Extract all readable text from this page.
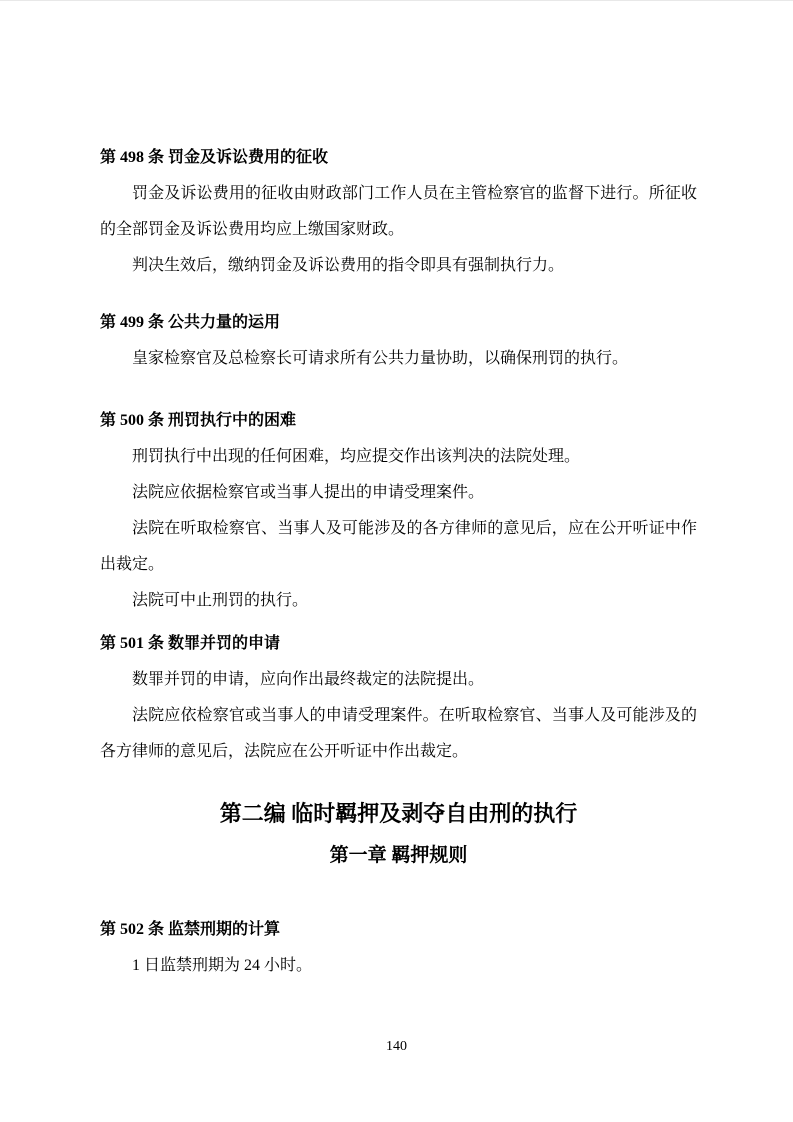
第 498 条 罚金及诉讼费用的征收

罚金及诉讼费用的征收由财政部门工作人员在主管检察官的监督下进行。所征收的全部罚金及诉讼费用均应上缴国家财政。

判决生效后，缴纳罚金及诉讼费用的指令即具有强制执行力。

第 499 条 公共力量的运用

皇家检察官及总检察长可请求所有公共力量协助，以确保刑罚的执行。

第 500 条 刑罚执行中的困难

刑罚执行中出现的任何困难，均应提交作出该判决的法院处理。

法院应依据检察官或当事人提出的申请受理案件。

法院在听取检察官、当事人及可能涉及的各方律师的意见后，应在公开听证中作出裁定。

法院可中止刑罚的执行。

第 501 条 数罪并罚的申请

数罪并罚的申请，应向作出最终裁定的法院提出。

法院应依检察官或当事人的申请受理案件。在听取检察官、当事人及可能涉及的各方律师的意见后，法院应在公开听证中作出裁定。

第二编 临时羁押及剥夺自由刑的执行
第一章 羁押规则
第 502 条 监禁刑期的计算

1 日监禁刑期为 24 小时。

140
